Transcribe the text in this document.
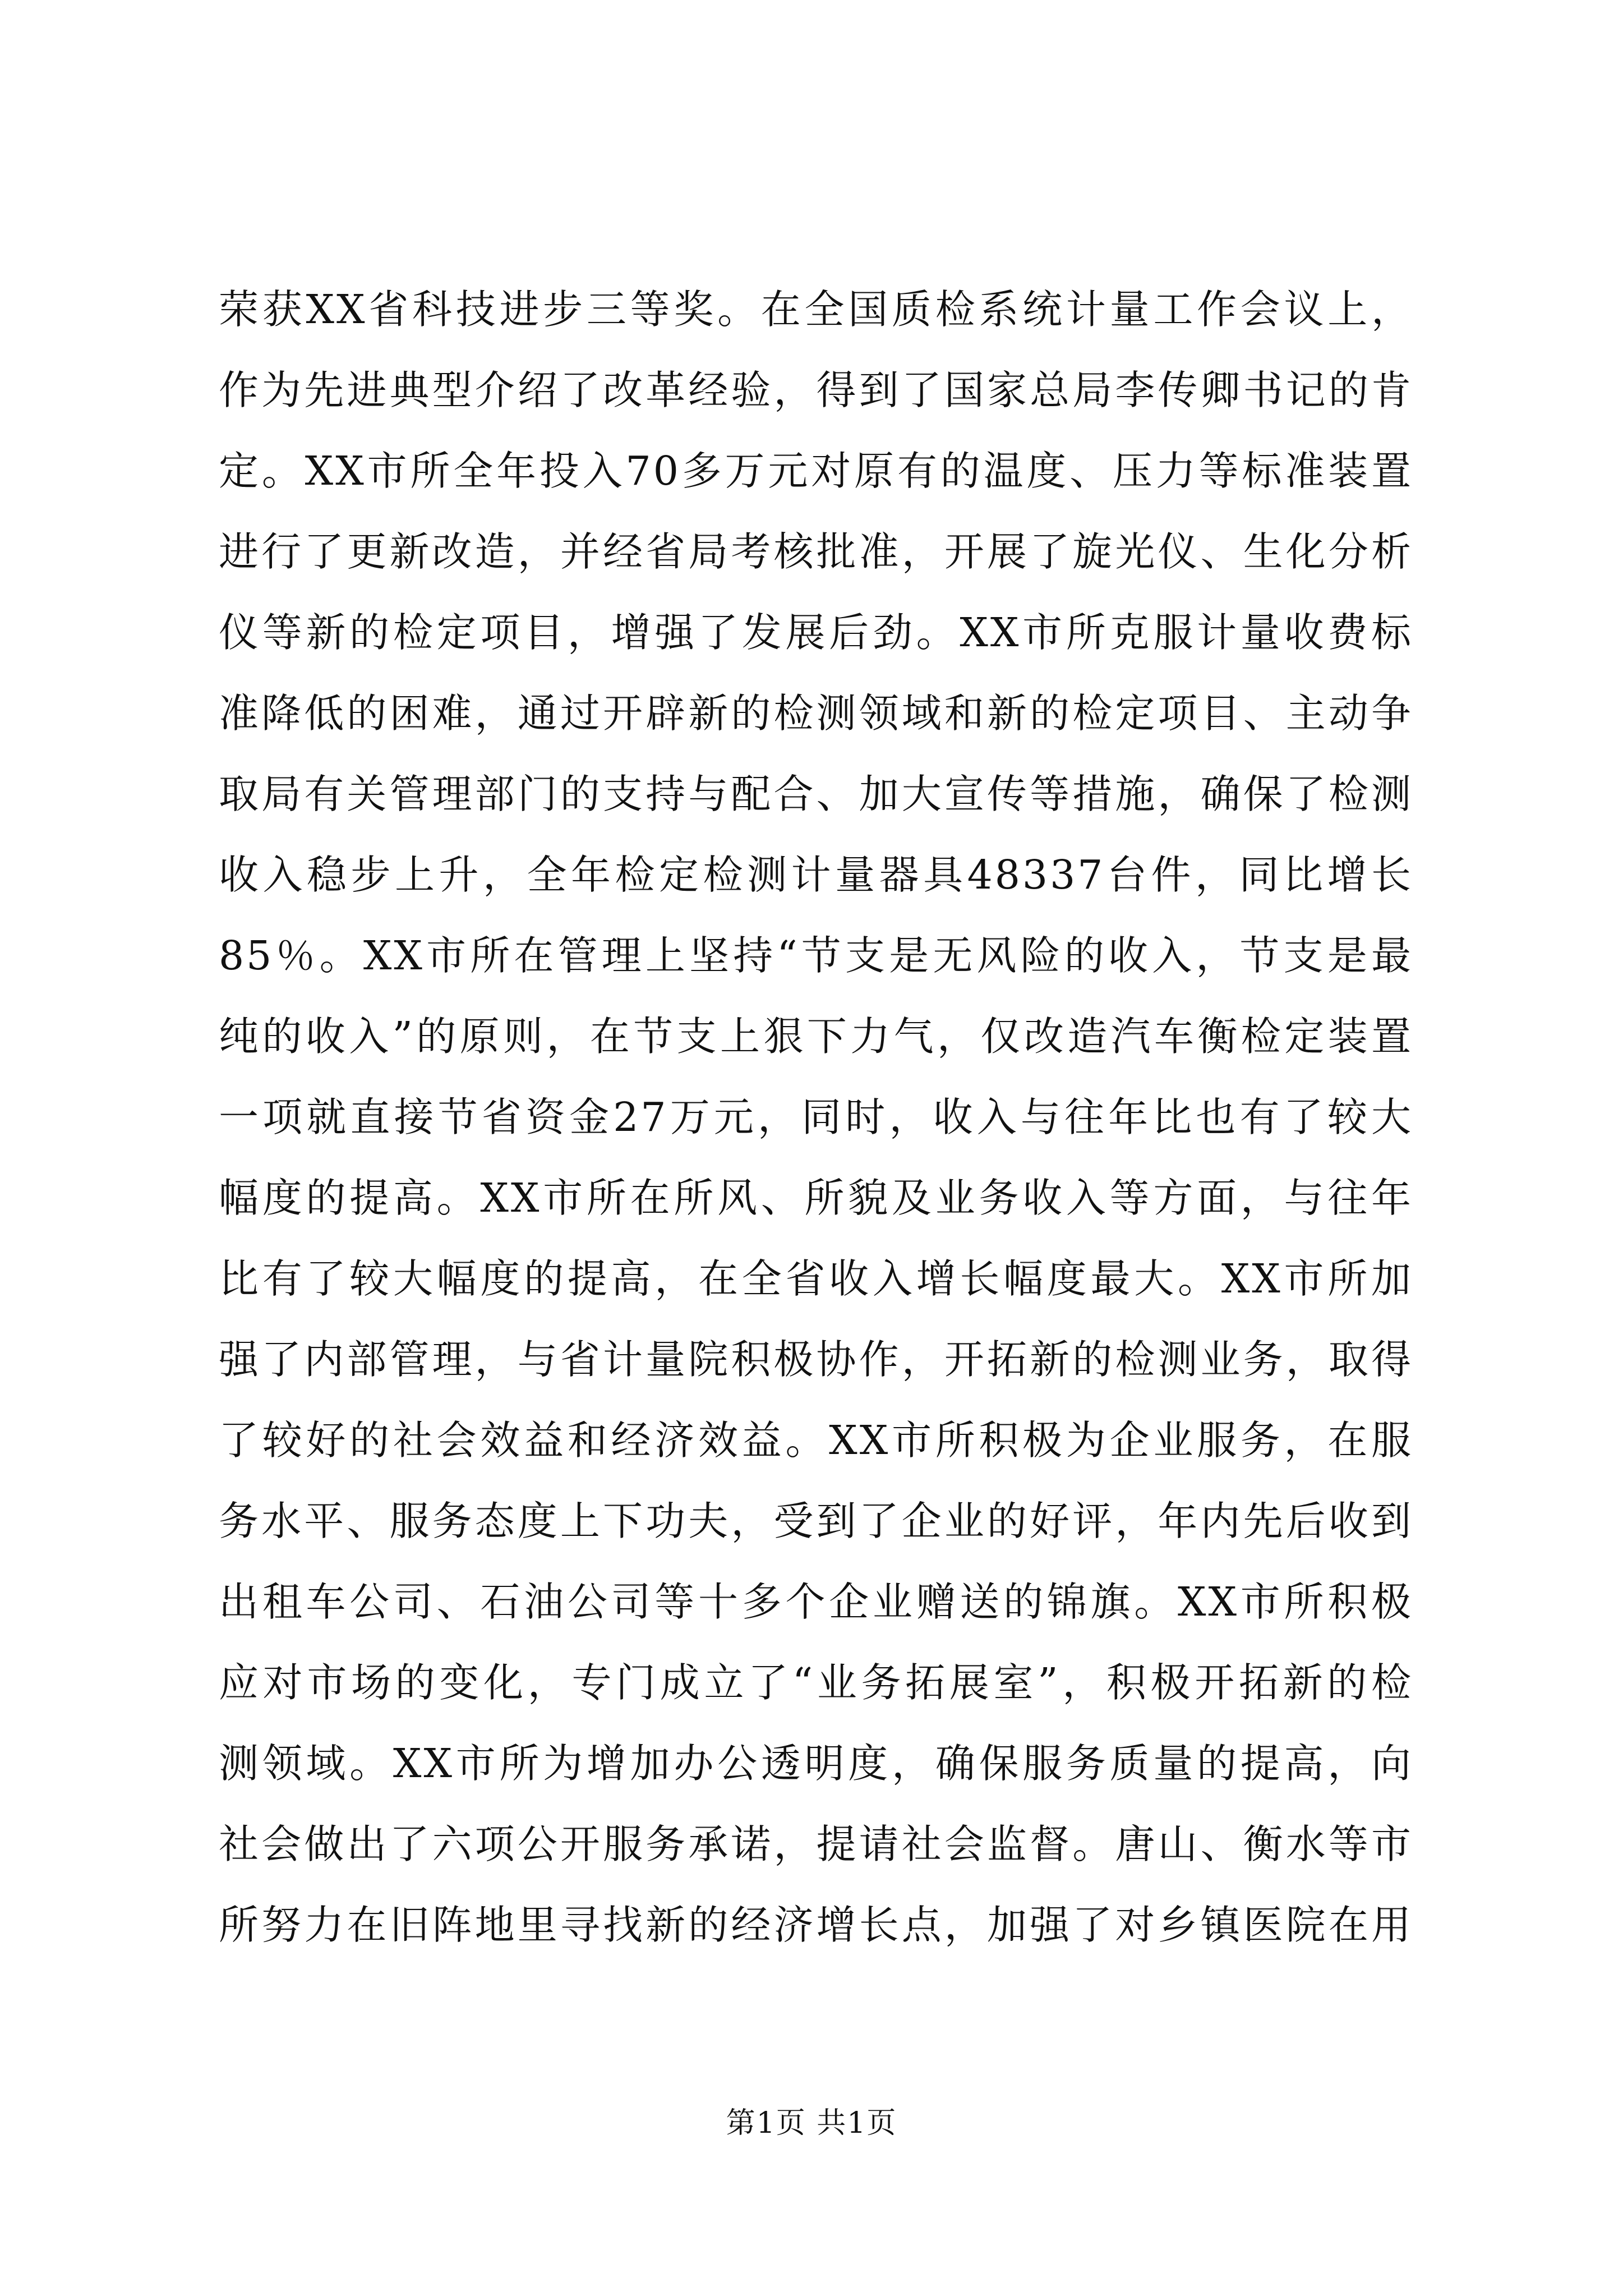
荣获XX省科技进步三等奖。在全国质检系统计量工作会议上，
作为先进典型介绍了改革经验，得到了国家总局李传卿书记的肯
定。XX市所全年投入70多万元对原有的温度、压力等标准装置
进行了更新改造，并经省局考核批准，开展了旋光仪、生化分析
仪等新的检定项目，增强了发展后劲。XX市所克服计量收费标
准降低的困难，通过开辟新的检测领域和新的检定项目、主动争
取局有关管理部门的支持与配合、加大宣传等措施，确保了检测
收入稳步上升，全年检定检测计量器具48337台件，同比增长
85％。XX市所在管理上坚持“节支是无风险的收入，节支是最
纯的收入”的原则，在节支上狠下力气，仅改造汽车衡检定装置
一项就直接节省资金27万元，同时，收入与往年比也有了较大
幅度的提高。XX市所在所风、所貌及业务收入等方面，与往年
比有了较大幅度的提高，在全省收入增长幅度最大。XX市所加
强了内部管理，与省计量院积极协作，开拓新的检测业务，取得
了较好的社会效益和经济效益。XX市所积极为企业服务，在服
务水平、服务态度上下功夫，受到了企业的好评，年内先后收到
出租车公司、石油公司等十多个企业赠送的锦旗。XX市所积极
应对市场的变化，专门成立了“业务拓展室”，积极开拓新的检
测领域。XX市所为增加办公透明度，确保服务质量的提高，向
社会做出了六项公开服务承诺，提请社会监督。唐山、衡水等市
所努力在旧阵地里寻找新的经济增长点，加强了对乡镇医院在用
第1页 共1页
